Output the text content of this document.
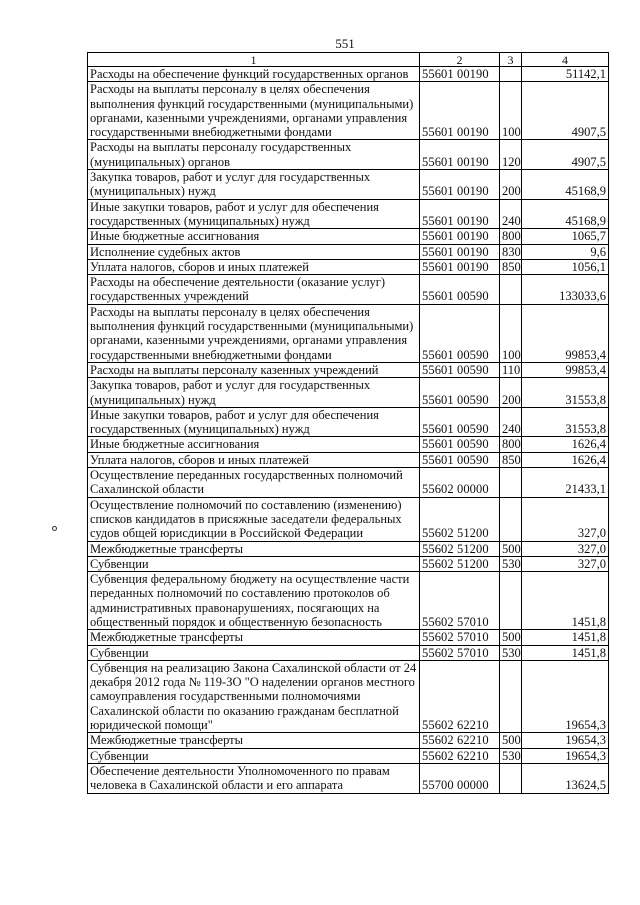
551
1	2	3	4
Расходы на обеспечение функций государственных органов	55601 00190		51142,1
Расходы на выплаты персоналу в целях обеспечения выполнения функций государственными (муниципальными) органами, казенными учреждениями, органами управления государственными внебюджетными фондами	55601 00190	100	4907,5
Расходы на выплаты персоналу государственных (муниципальных) органов	55601 00190	120	4907,5
Закупка товаров, работ и услуг для государственных (муниципальных) нужд	55601 00190	200	45168,9
Иные закупки товаров, работ и услуг для обеспечения государственных (муниципальных) нужд	55601 00190	240	45168,9
Иные бюджетные ассигнования	55601 00190	800	1065,7
Исполнение судебных актов	55601 00190	830	9,6
Уплата налогов, сборов и иных платежей	55601 00190	850	1056,1
Расходы на обеспечение деятельности (оказание услуг) государственных учреждений	55601 00590		133033,6
Расходы на выплаты персоналу в целях обеспечения выполнения функций государственными (муниципальными) органами, казенными учреждениями, органами управления государственными внебюджетными фондами	55601 00590	100	99853,4
Расходы на выплаты персоналу казенных учреждений	55601 00590	110	99853,4
Закупка товаров, работ и услуг для государственных (муниципальных) нужд	55601 00590	200	31553,8
Иные закупки товаров, работ и услуг для обеспечения государственных (муниципальных) нужд	55601 00590	240	31553,8
Иные бюджетные ассигнования	55601 00590	800	1626,4
Уплата налогов, сборов и иных платежей	55601 00590	850	1626,4
Осуществление переданных государственных полномочий Сахалинской области	55602 00000		21433,1
Осуществление полномочий по составлению (изменению) списков кандидатов в присяжные заседатели федеральных судов общей юрисдикции в Российской Федерации	55602 51200		327,0
Межбюджетные трансферты	55602 51200	500	327,0
Субвенции	55602 51200	530	327,0
Субвенция федеральному бюджету на осуществление части переданных полномочий по составлению протоколов об административных правонарушениях, посягающих на общественный порядок и общественную безопасность	55602 57010		1451,8
Межбюджетные трансферты	55602 57010	500	1451,8
Субвенции	55602 57010	530	1451,8
Субвенция на реализацию Закона Сахалинской области от 24 декабря 2012 года № 119-ЗО "О наделении органов местного самоуправления государственными полномочиями Сахалинской области по оказанию гражданам бесплатной юридической помощи"	55602 62210		19654,3
Межбюджетные трансферты	55602 62210	500	19654,3
Субвенции	55602 62210	530	19654,3
Обеспечение деятельности Уполномоченного по правам человека в Сахалинской области и его аппарата	55700 00000		13624,5
